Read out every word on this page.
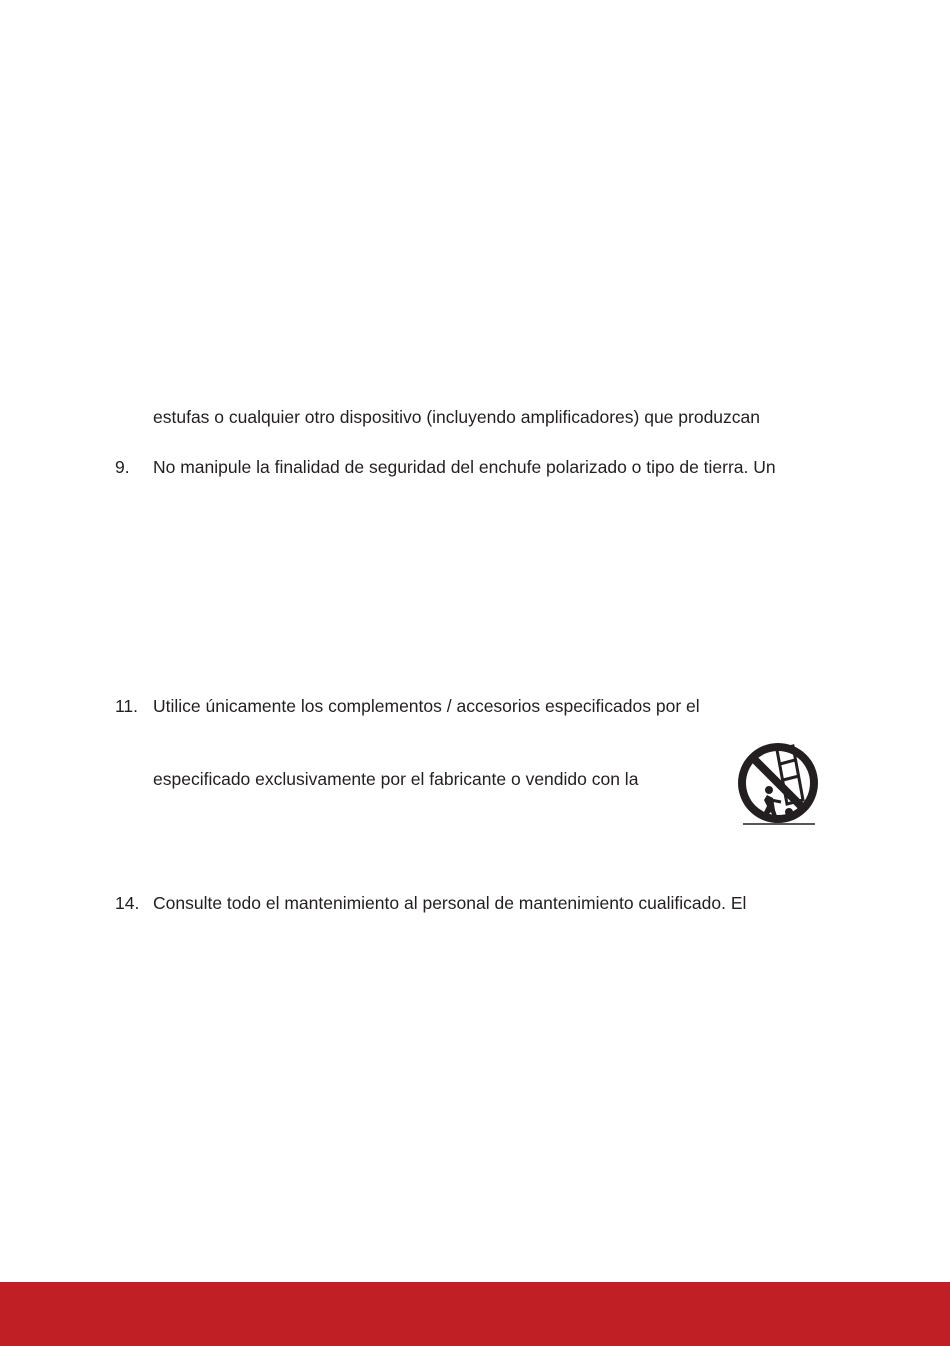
estufas o cualquier otro dispositivo (incluyendo amplificadores) que produzcan
9. No manipule la finalidad de seguridad del enchufe polarizado o tipo de tierra. Un
11. Utilice únicamente los complementos / accesorios especificados por el
especificado exclusivamente por el fabricante o vendido con la
14. Consulte todo el mantenimiento al personal de mantenimiento cualificado. El
